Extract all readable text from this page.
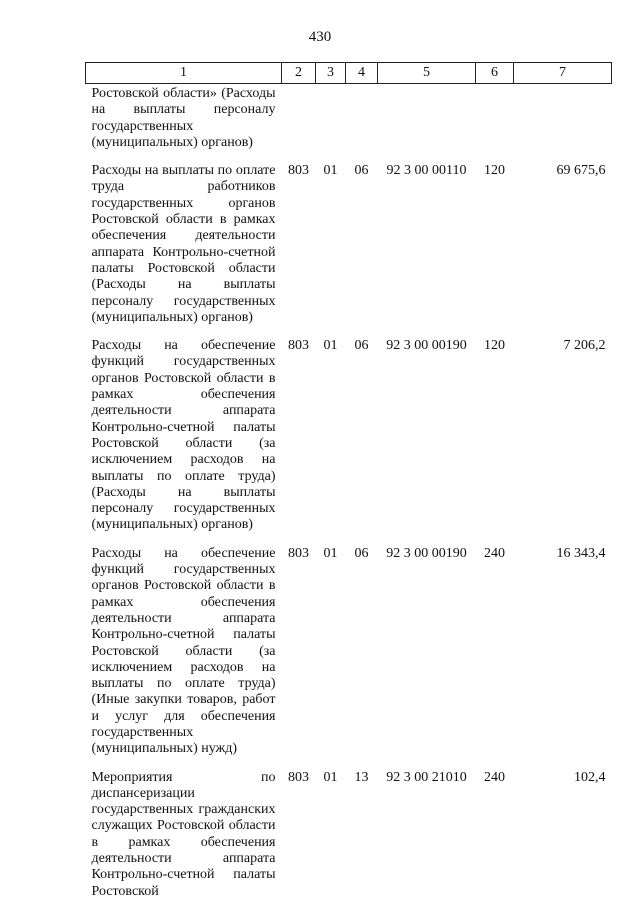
430
1	2	3	4	5	6	7
Ростовской области» (Расходы на выплаты персоналу государственных (муниципальных) органов)						
Расходы на выплаты по оплате труда работников государственных органов Ростовской области в рамках обеспечения деятельности аппарата Контрольно-счетной палаты Ростовской области (Расходы на выплаты персоналу государственных (муниципальных) органов)	803	01	06	92 3 00 00110	120	69 675,6
Расходы на обеспечение функций государственных органов Ростовской области в рамках обеспечения деятельности аппарата Контрольно-счетной палаты Ростовской области (за исключением расходов на выплаты по оплате труда) (Расходы на выплаты персоналу государственных (муниципальных) органов)	803	01	06	92 3 00 00190	120	7 206,2
Расходы на обеспечение функций государственных органов Ростовской области в рамках обеспечения деятельности аппарата Контрольно-счетной палаты Ростовской области (за исключением расходов на выплаты по оплате труда) (Иные закупки товаров, работ и услуг для обеспечения государственных (муниципальных) нужд)	803	01	06	92 3 00 00190	240	16 343,4
Мероприятия по диспансеризации государственных гражданских служащих Ростовской области в рамках обеспечения деятельности аппарата Контрольно-счетной палаты Ростовской	803	01	13	92 3 00 21010	240	102,4
